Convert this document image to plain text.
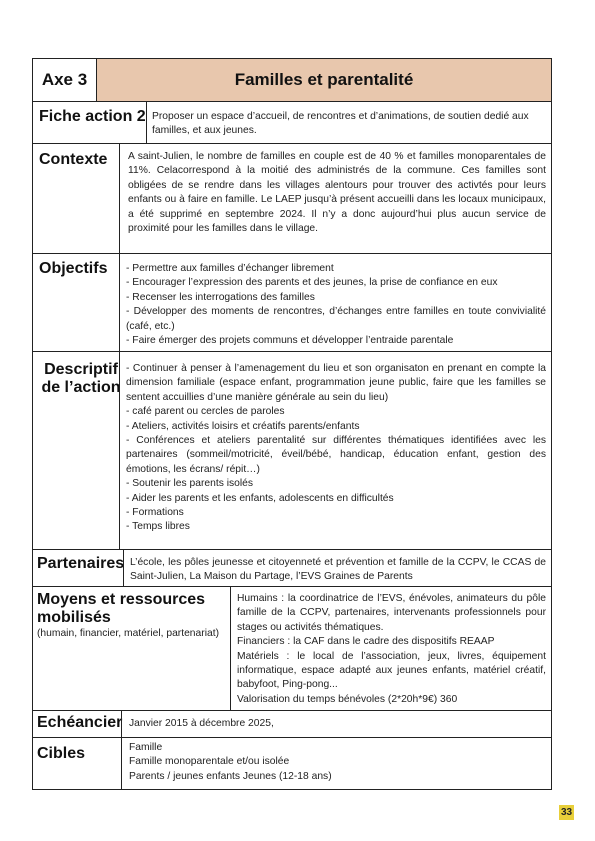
Axe 3	Familles et parentalité
Fiche action 2 Proposer un espace d’accueil, de rencontres et d’animations, de soutien dedié aux familles, et aux jeunes.
Contexte A saint-Julien, le nombre de familles en couple est de 40 % et familles monoparentales de 11%. Celacorrespond à la moitié des administrés de la commune. Ces familles sont obligées de se rendre dans les villages alentours pour trouver des activtés pour leurs enfants ou à faire en famille. Le LAEP jusqu’à présent accueilli dans les locaux municipaux, a été supprimé en septembre 2024. Il n’y a donc aujourd’hui plus aucun service de proximité pour les familles dans le village.
Objectifs - Permettre aux familles d’échanger librement
- Encourager l’expression des parents et des jeunes, la prise de confiance en eux
- Recenser les interrogations des familles
- Développer des moments de rencontres, d’échanges entre familles en toute convivialité (café, etc.)
- Faire émerger des projets communs et développer l’entraide parentale
Descriptif
de l’action
- Continuer à penser à l’amenagement du lieu et son organisaton en prenant en compte la dimension familiale (espace enfant, programmation jeune public, faire que les familles se sentent accuillies d’une manière générale au sein du lieu)
- café parent ou cercles de paroles
- Ateliers, activités loisirs et créatifs parents/enfants
- Conférences et ateliers parentalité sur différentes thématiques identifiées avec les partenaires (sommeil/motricité, éveil/bébé, handicap, éducation enfant, gestion des émotions, les écrans/ répit…)
- Soutenir les parents isolés
- Aider les parents et les enfants, adolescents en difficultés
- Formations
- Temps libres
Partenaires L’école, les pôles jeunesse et citoyenneté et prévention et famille de la CCPV, le CCAS de Saint-Julien, La Maison du Partage, l’EVS Graines de Parents
Moyens et ressources
mobilisés
(humain, financier, matériel, partenariat)
Humains : la coordinatrice de l’EVS, énévoles, animateurs du pôle famille de la CCPV, partenaires, intervenants professionnels pour stages ou activités thématiques.
Financiers : la CAF dans le cadre des dispositifs REAAP
Matériels : le local de l’association, jeux, livres, équipement informatique, espace adapté aux jeunes enfants, matériel créatif, babyfoot, Ping-pong...
Valorisation du temps bénévoles (2*20h*9€) 360
Echéancier Janvier 2015 à décembre 2025,
Cibles	Famille
Famille monoparentale et/ou isolée
Parents / jeunes enfants Jeunes (12-18 ans)
33
